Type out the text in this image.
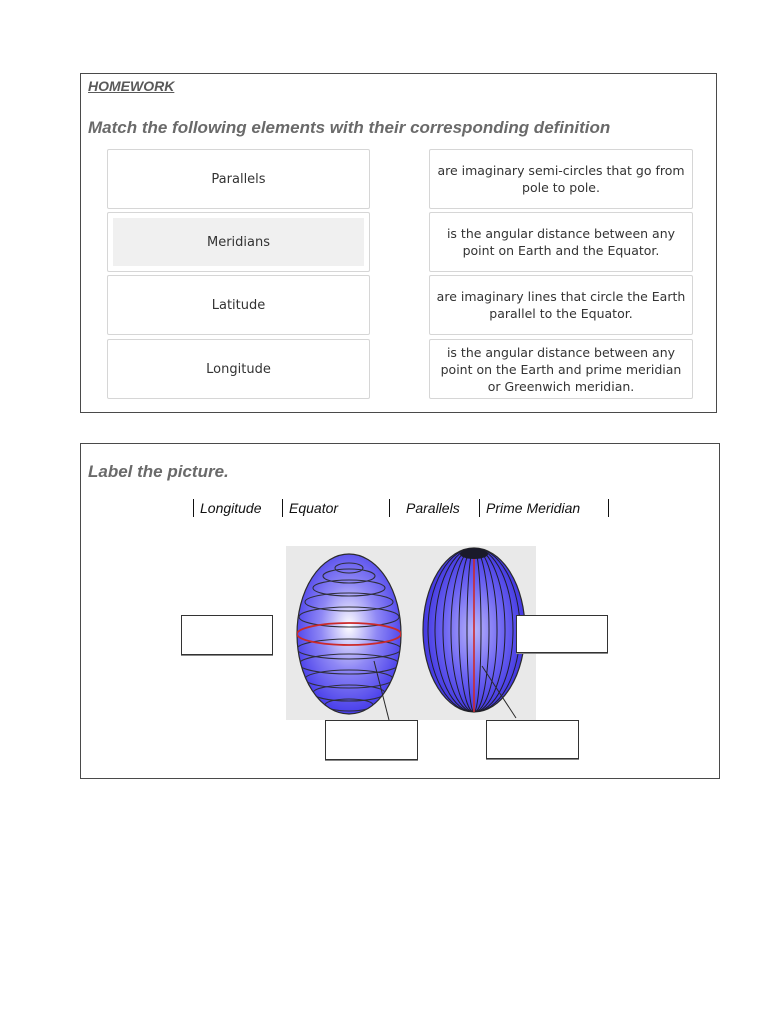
HOMEWORK
Match the following elements with their corresponding definition
Parallels
Meridians
Latitude
Longitude
are imaginary semi-circles that go from pole to pole.
is the angular distance between any point on Earth and the Equator.
are imaginary lines that circle the Earth parallel to the Equator.
is the angular distance between any point on the Earth and prime meridian or Greenwich meridian.
Label the picture.
Longitude	Equator	Parallels	Prime Meridian
